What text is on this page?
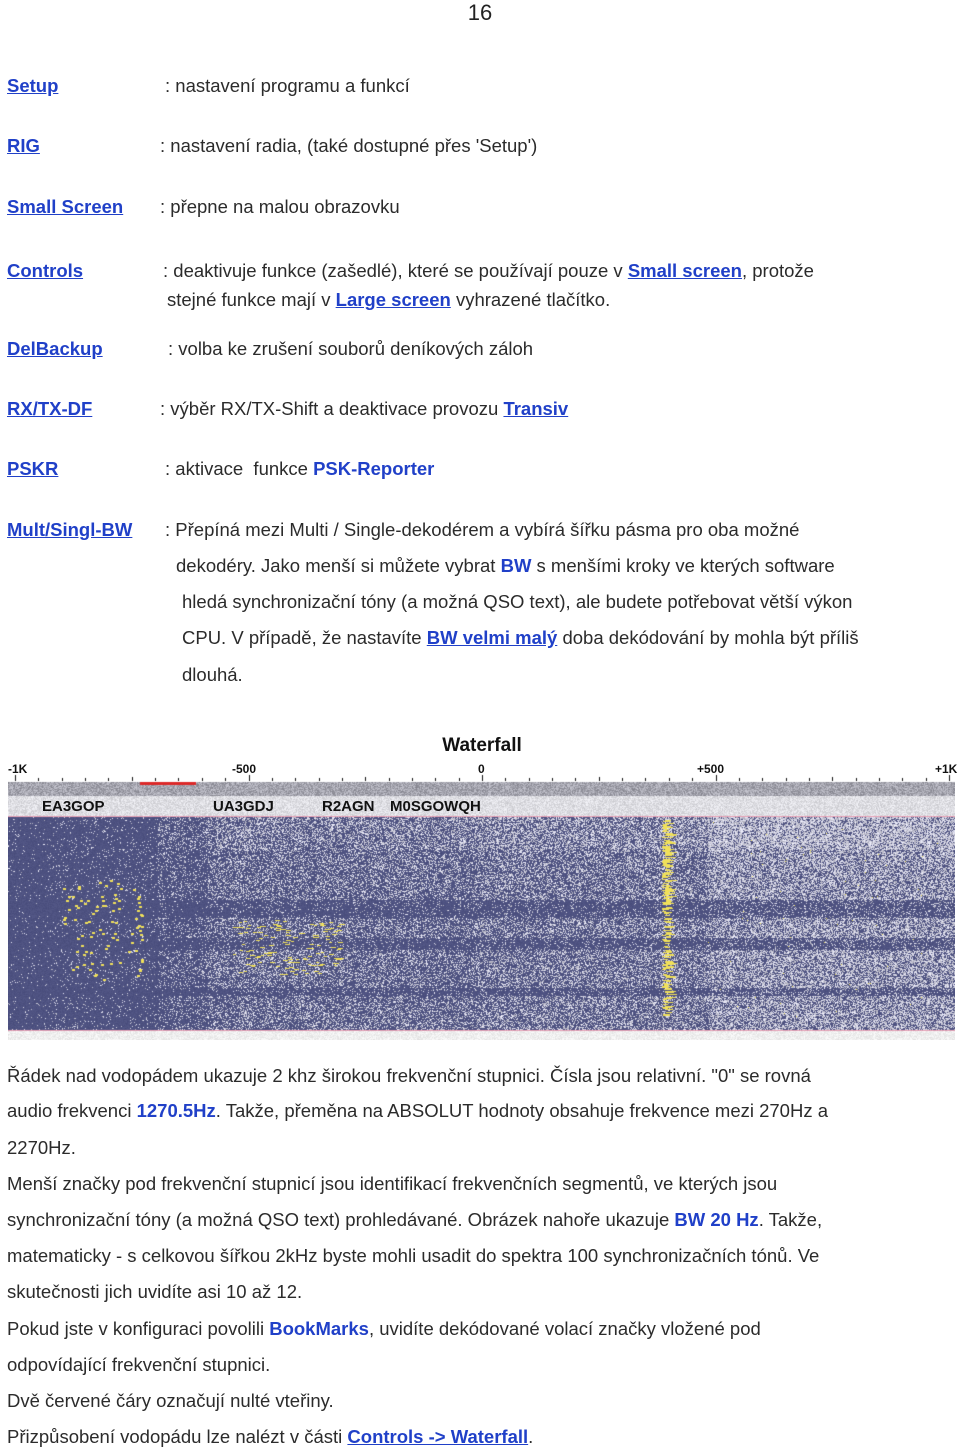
16
Setup	: nastavení programu a funkcí
RIG	: nastavení radia, (také dostupné přes 'Setup')
Small Screen : přepne na malou obrazovku
Controls	: deaktivuje funkce (zašedlé), které se používají pouze v Small screen, protože
stejné funkce mají v Large screen vyhrazené tlačítko.
DelBackup	: volba ke zrušení souborů deníkových záloh
RX/TX-DF	: výběr RX/TX-Shift a deaktivace provozu Transiv
PSKR	: aktivace  funkce PSK-Reporter
Mult/Singl-BW : Přepíná mezi Multi / Single-dekodérem a vybírá šířku pásma pro oba možné
dekodéry. Jako menší si můžete vybrat BW s menšími kroky ve kterých software
hledá synchronizační tóny (a možná QSO text), ale budete potřebovat větší výkon
CPU. V případě, že nastavíte BW velmi malý doba dekódování by mohla být příliš
dlouhá.
Waterfall
-1K	-500	0	+500	+1K
EA3GOP	UA3GDJ	R2AGN M0SGOWQH
Řádek nad vodopádem ukazuje 2 khz širokou frekvenční stupnici. Čísla jsou relativní. "0" se rovná
audio frekvenci 1270.5Hz. Takže, přeměna na ABSOLUT hodnoty obsahuje frekvence mezi 270Hz a
2270Hz.
Menší značky pod frekvenční stupnicí jsou identifikací frekvenčních segmentů, ve kterých jsou
synchronizační tóny (a možná QSO text) prohledávané. Obrázek nahoře ukazuje BW 20 Hz. Takže,
matematicky - s celkovou šířkou 2kHz byste mohli usadit do spektra 100 synchronizačních tónů. Ve
skutečnosti jich uvidíte asi 10 až 12.
Pokud jste v konfiguraci povolili BookMarks, uvidíte dekódované volací značky vložené pod
odpovídající frekvenční stupnici.
Dvě červené čáry označují nulté vteřiny.
Přizpůsobení vodopádu lze nalézt v části Controls -> Waterfall.
